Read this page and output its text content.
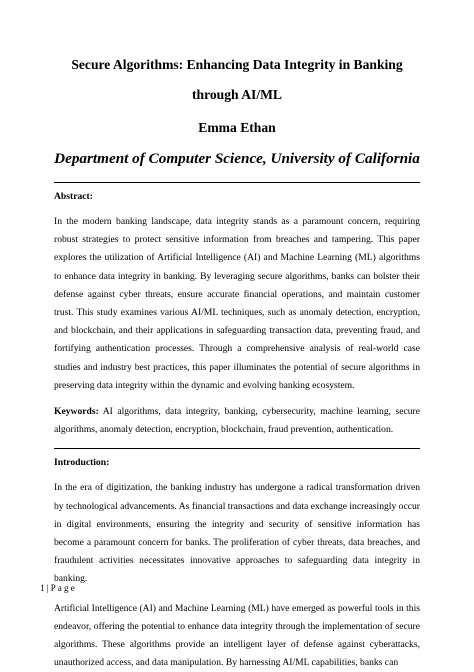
Secure Algorithms: Enhancing Data Integrity in Banking through AI/ML
Emma Ethan
Department of Computer Science, University of California
Abstract:

In the modern banking landscape, data integrity stands as a paramount concern, requiring robust strategies to protect sensitive information from breaches and tampering. This paper explores the utilization of Artificial Intelligence (AI) and Machine Learning (ML) algorithms to enhance data integrity in banking. By leveraging secure algorithms, banks can bolster their defense against cyber threats, ensure accurate financial operations, and maintain customer trust. This study examines various AI/ML techniques, such as anomaly detection, encryption, and blockchain, and their applications in safeguarding transaction data, preventing fraud, and fortifying authentication processes. Through a comprehensive analysis of real-world case studies and industry best practices, this paper illuminates the potential of secure algorithms in preserving data integrity within the dynamic and evolving banking ecosystem.

Keywords: AI algorithms, data integrity, banking, cybersecurity, machine learning, secure algorithms, anomaly detection, encryption, blockchain, fraud prevention, authentication.

Introduction:

In the era of digitization, the banking industry has undergone a radical transformation driven by technological advancements. As financial transactions and data exchange increasingly occur in digital environments, ensuring the integrity and security of sensitive information has become a paramount concern for banks. The proliferation of cyber threats, data breaches, and fraudulent activities necessitates innovative approaches to safeguarding data integrity in banking.

Artificial Intelligence (AI) and Machine Learning (ML) have emerged as powerful tools in this endeavor, offering the potential to enhance data integrity through the implementation of secure algorithms. These algorithms provide an intelligent layer of defense against cyberattacks, unauthorized access, and data manipulation. By harnessing AI/ML capabilities, banks can

1 | P a g e
